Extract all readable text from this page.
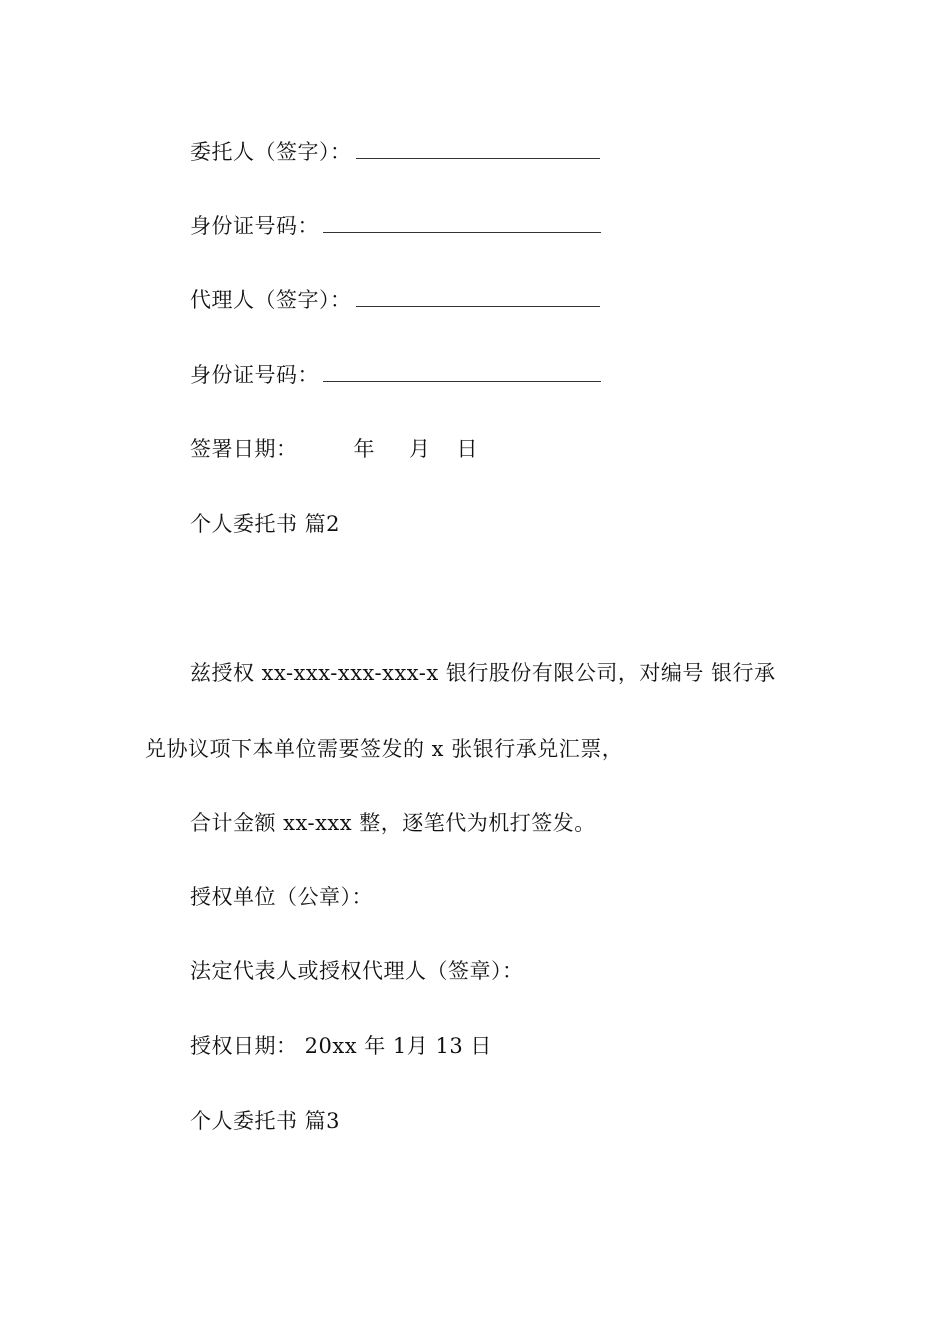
委托人（签字）：
身份证号码：
代理人（签字）：
身份证号码：
签署日期：	年 月 日
个人委托书 篇2
兹授权 xx-xxx-xxx-xxx-x 银行股份有限公司，对编号 银行承
兑协议项下本单位需要签发的 x 张银行承兑汇票，
合计金额 xx-xxx 整，逐笔代为机打签发。
授权单位（公章）：
法定代表人或授权代理人（签章）：
授权日期： 20xx 年 1月 13 日
个人委托书 篇3
